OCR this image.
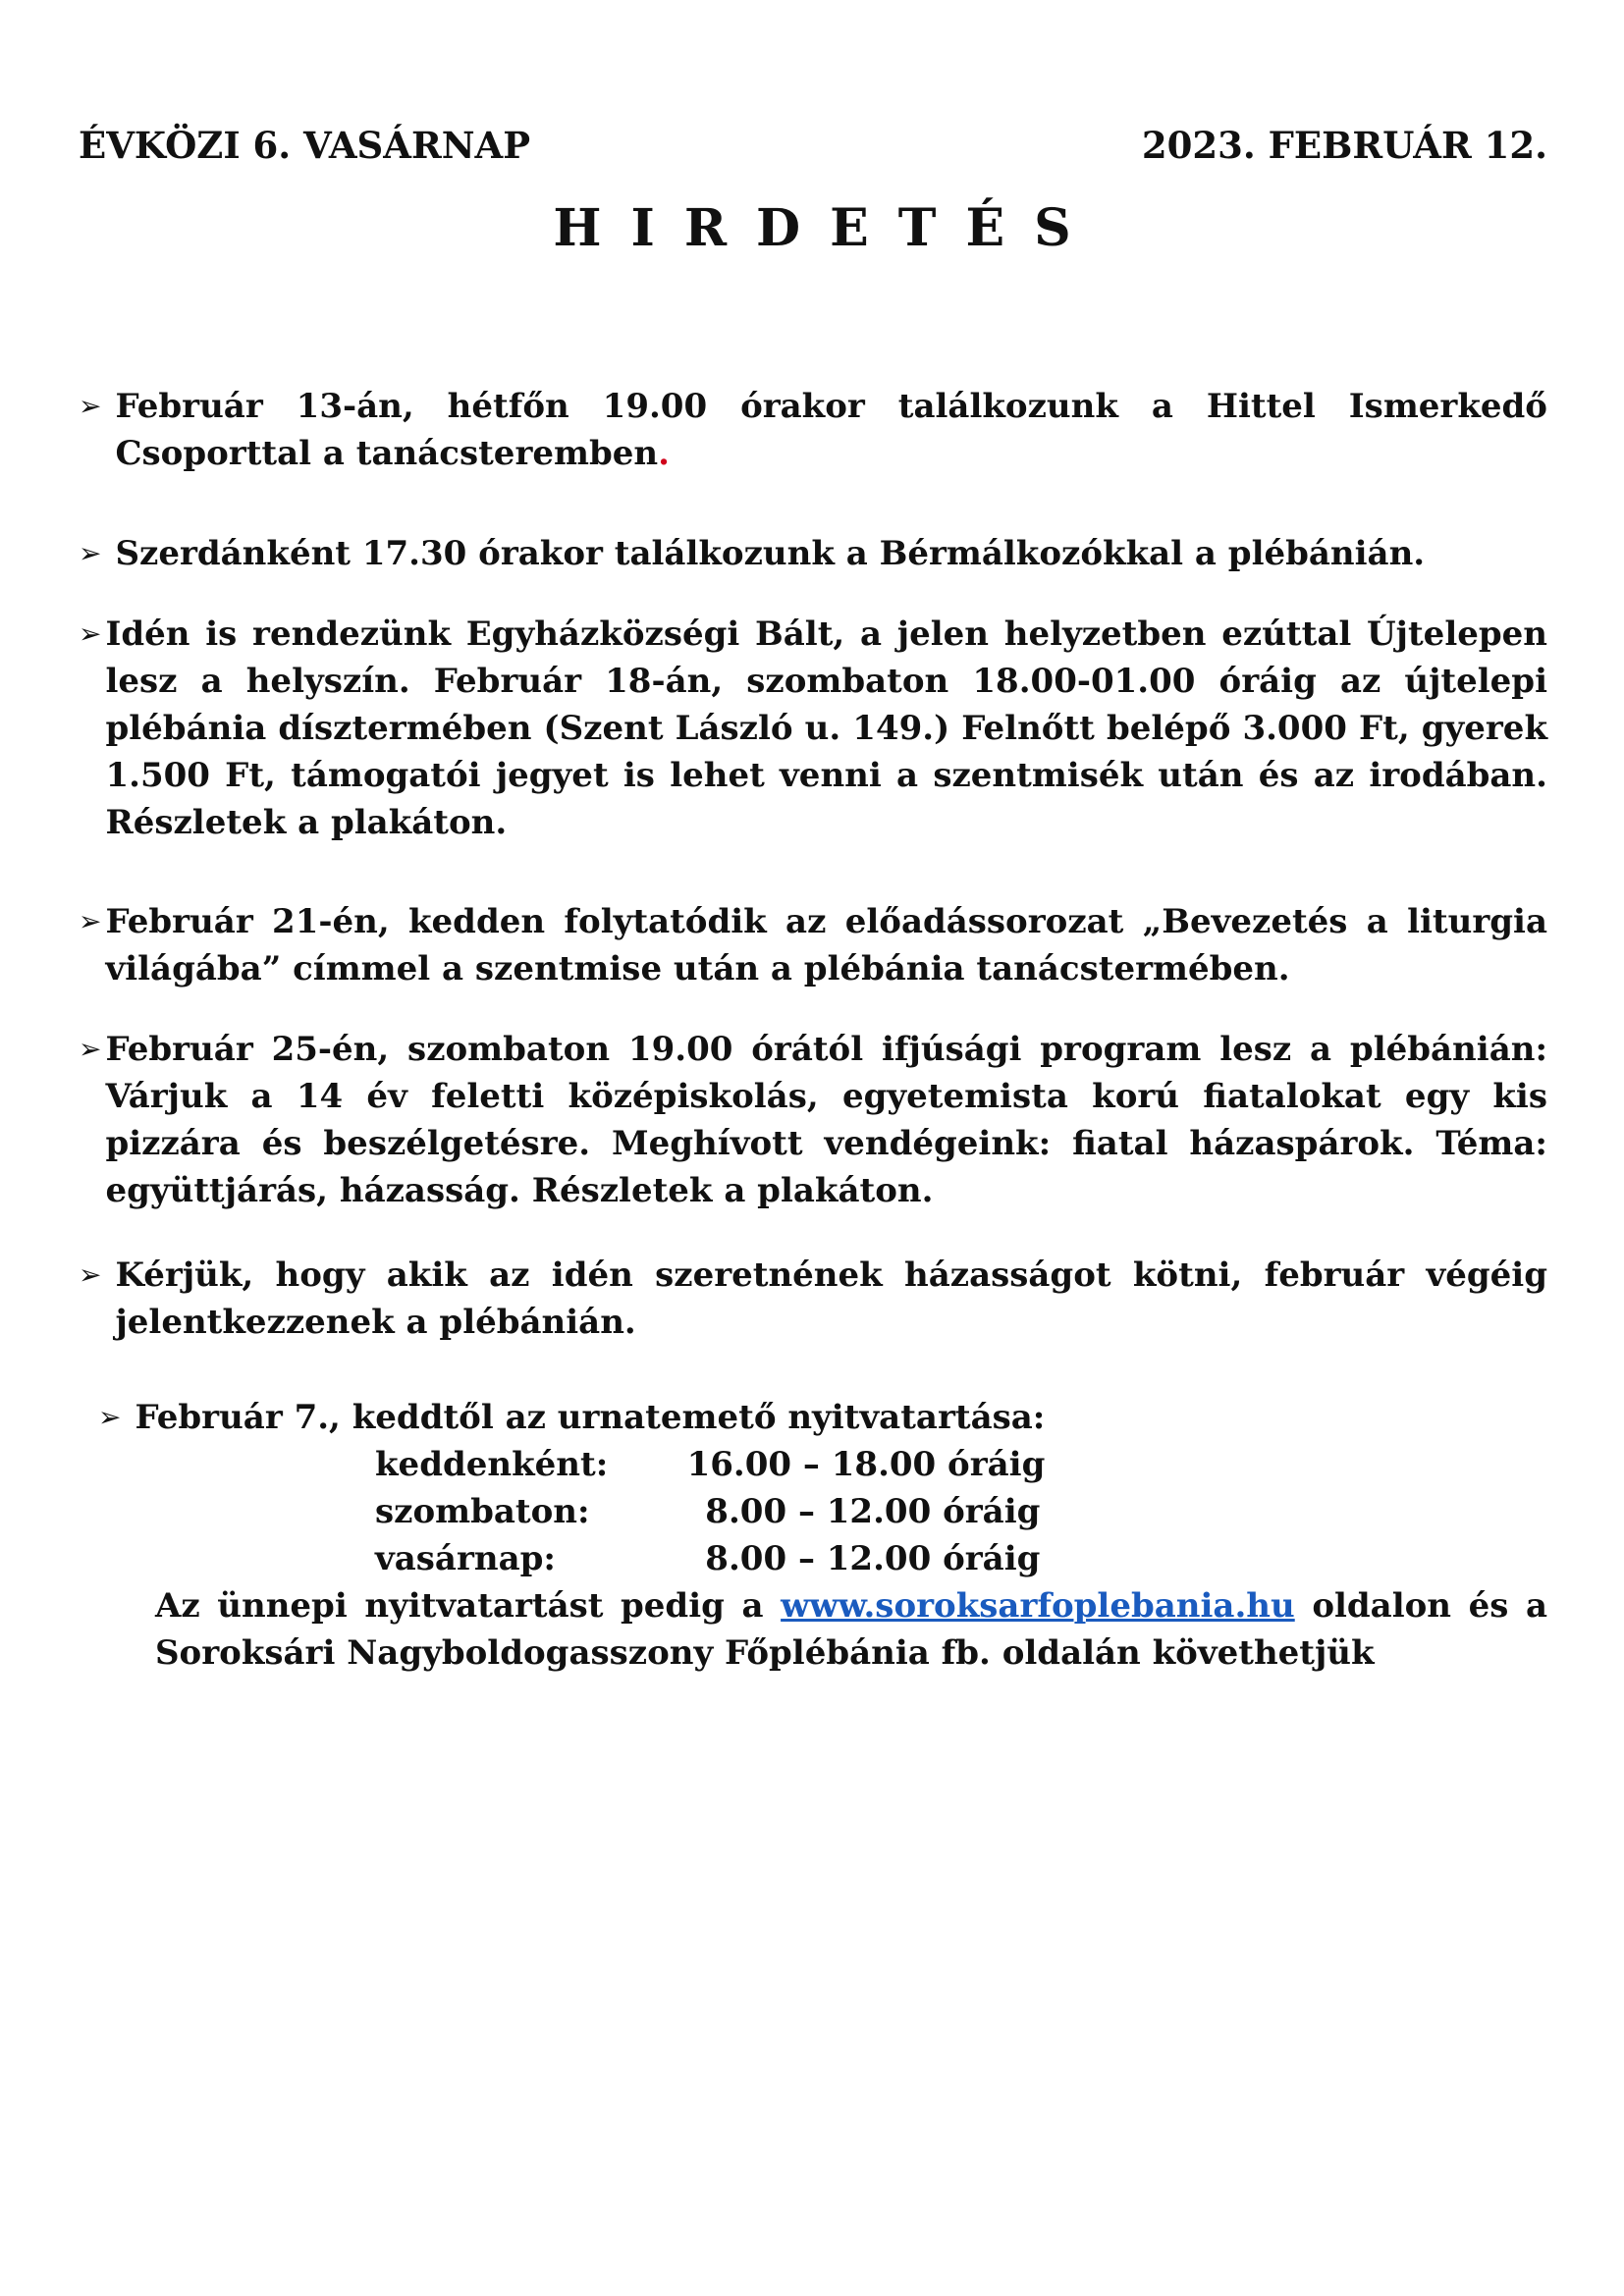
ÉVKÖZI 6. VASÁRNAP	2023. FEBRUÁR 12.
HIRDETÉS
➢ Február 13-án, hétfőn 19.00 órakor találkozunk a Hittel Ismerkedő Csoporttal a tanácsteremben.
➢ Szerdánként 17.30 órakor találkozunk a Bérmálkozókkal a plébánián.
➢ Idén is rendezünk Egyházközségi Bált, a jelen helyzetben ezúttal Újtelepen lesz a helyszín. Február 18-án, szombaton 18.00-01.00 óráig az újtelepi plébánia dísztermében (Szent László u. 149.) Felnőtt belépő 3.000 Ft, gyerek 1.500 Ft, támogatói jegyet is lehet venni a szentmisék után és az irodában. Részletek a plakáton.
➢ Február 21-én, kedden folytatódik az előadássorozat „Bevezetés a liturgia világába” címmel a szentmise után a plébánia tanácstermében.
➢ Február 25-én, szombaton 19.00 órától ifjúsági program lesz a plébánián: Várjuk a 14 év feletti középiskolás, egyetemista korú fiatalokat egy kis pizzára és beszélgetésre. Meghívott vendégeink: fiatal házaspárok. Téma: együttjárás, házasság. Részletek a plakáton.
➢ Kérjük, hogy akik az idén szeretnének házasságot kötni, február végéig jelentkezzenek a plébánián.
➢ Február 7., keddtől az urnatemető nyitvatartása:
keddenként:	16.00 – 18.00 óráig
szombaton:	8.00 – 12.00 óráig
vasárnap:	8.00 – 12.00 óráig
Az ünnepi nyitvatartást pedig a www.soroksarfoplebania.hu oldalon és a Soroksári Nagyboldogasszony Főplébánia fb. oldalán követhetjük
